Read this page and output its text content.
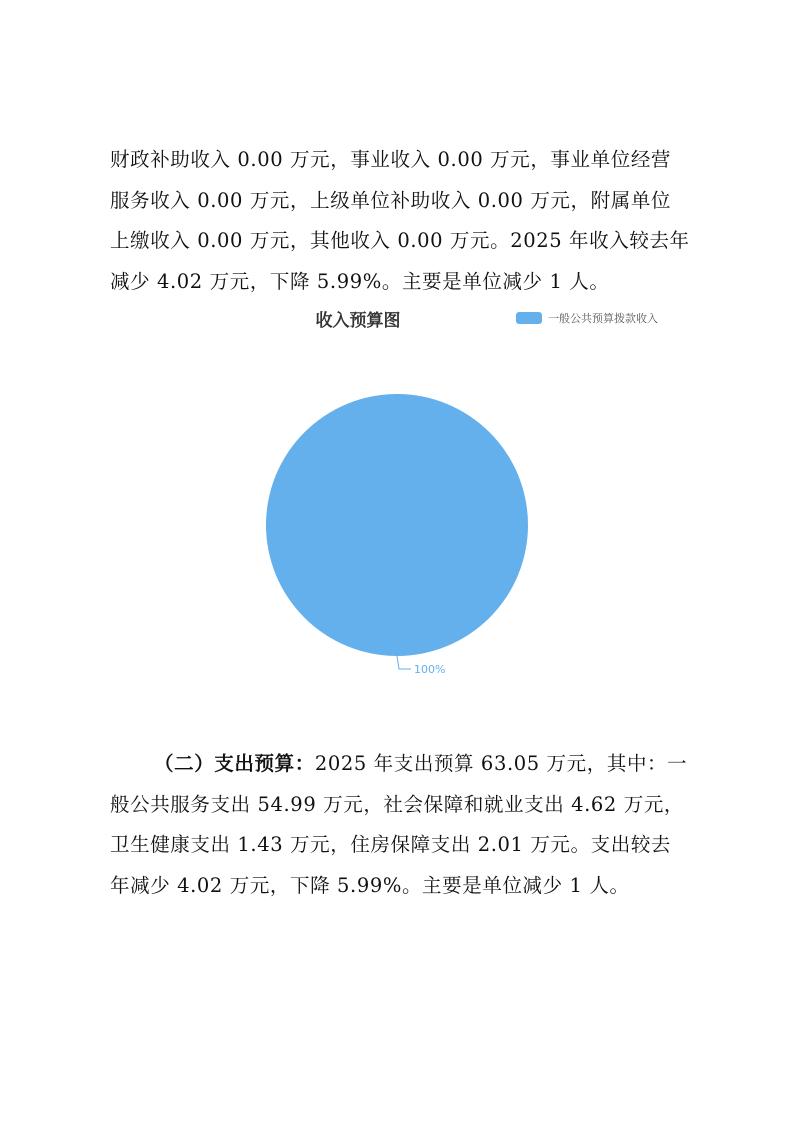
财政补助收入 0.00 万元，事业收入 0.00 万元，事业单位经营
服务收入 0.00 万元，上级单位补助收入 0.00 万元，附属单位
上缴收入 0.00 万元，其他收入 0.00 万元。2025 年收入较去年
减少 4.02 万元，下降 5.99%。主要是单位减少 1 人。

收入预算图	一般公共预算拨款收入
100%

（二）支出预算：2025 年支出预算 63.05 万元，其中：一
般公共服务支出 54.99 万元，社会保障和就业支出 4.62 万元，
卫生健康支出 1.43 万元，住房保障支出 2.01 万元。支出较去
年减少 4.02 万元，下降 5.99%。主要是单位减少 1 人。
